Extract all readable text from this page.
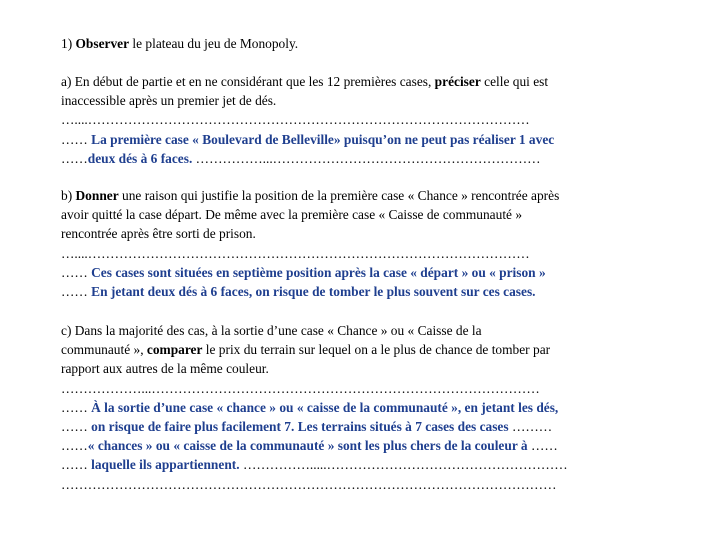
1) Observer le plateau du jeu de Monopoly.
a) En début de partie et en ne considérant que les 12 premières cases, préciser celle qui est
inaccessible après un premier jet de dés.
…....………………………………………………………………………………………
…… La première case « Boulevard de Belleville» puisqu’on ne peut pas réaliser 1 avec
……deux dés à 6 faces. ……………...……………………………………………………
b) Donner une raison qui justifie la position de la première case « Chance » rencontrée après
avoir quitté la case départ. De même avec la première case « Caisse de communauté »
rencontrée après être sorti de prison.
…....………………………………………………………………………………………
…… Ces cases sont situées en septième position après la case « départ » ou « prison »
…… En jetant deux dés à 6 faces, on risque de tomber le plus souvent sur ces cases.
c) Dans la majorité des cas, à la sortie d’une case « Chance » ou « Caisse de la
communauté », comparer le prix du terrain sur lequel on a le plus de chance de tomber par
rapport aux autres de la même couleur.
………………...……………………………………………………………………………
…… À la sortie d’une case « chance » ou « caisse de la communauté », en jetant les dés,
…… on risque de faire plus facilement 7. Les terrains situés à 7 cases des cases ………
……« chances » ou « caisse de la communauté » sont les plus chers de la couleur à ……
…… laquelle ils appartiennent. …………….....………………………………………………
…………………………………………………………………………………………………
